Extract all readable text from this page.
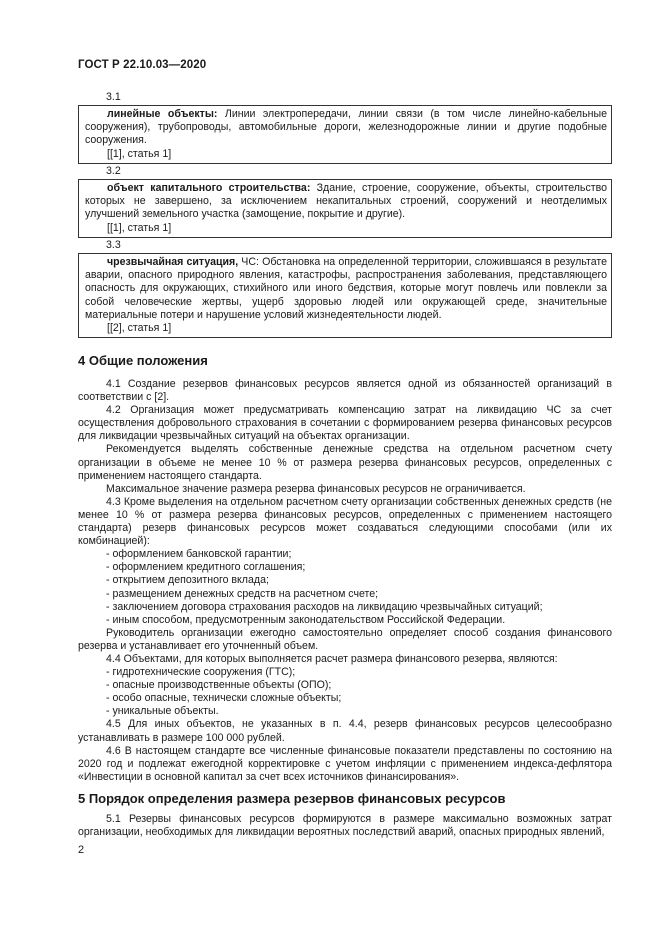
ГОСТ Р 22.10.03—2020
3.1

линейные объекты: Линии электропередачи, линии связи (в том числе линейно-кабельные сооружения), трубопроводы, автомобильные дороги, железнодорожные линии и другие подобные сооружения.

[[1], статья 1]

3.2

объект капитального строительства: Здание, строение, сооружение, объекты, строительство которых не завершено, за исключением некапитальных строений, сооружений и неотделимых улучшений земельного участка (замощение, покрытие и другие).

[[1], статья 1]

3.3

чрезвычайная ситуация, ЧС: Обстановка на определенной территории, сложившаяся в результате аварии, опасного природного явления, катастрофы, распространения заболевания, представляющего опасность для окружающих, стихийного или иного бедствия, которые могут повлечь или повлекли за собой человеческие жертвы, ущерб здоровью людей или окружающей среде, значительные материальные потери и нарушение условий жизнедеятельности людей.

[[2], статья 1]

4 Общие положения

4.1 Создание резервов финансовых ресурсов является одной из обязанностей организаций в соответствии с [2].

4.2 Организация может предусматривать компенсацию затрат на ликвидацию ЧС за счет осуществления добровольного страхования в сочетании с формированием резерва финансовых ресурсов для ликвидации чрезвычайных ситуаций на объектах организации.

Рекомендуется выделять собственные денежные средства на отдельном расчетном счету организации в объеме не менее 10 % от размера резерва финансовых ресурсов, определенных с применением настоящего стандарта.

Максимальное значение размера резерва финансовых ресурсов не ограничивается.

4.3 Кроме выделения на отдельном расчетном счету организации собственных денежных средств (не менее 10 % от размера резерва финансовых ресурсов, определенных с применением настоящего стандарта) резерв финансовых ресурсов может создаваться следующими способами (или их комбинацией):

- оформлением банковской гарантии;

- оформлением кредитного соглашения;

- открытием депозитного вклада;

- размещением денежных средств на расчетном счете;

- заключением договора страхования расходов на ликвидацию чрезвычайных ситуаций;

- иным способом, предусмотренным законодательством Российской Федерации.

Руководитель организации ежегодно самостоятельно определяет способ создания финансового резерва и устанавливает его уточненный объем.

4.4 Объектами, для которых выполняется расчет размера финансового резерва, являются:

- гидротехнические сооружения (ГТС);

- опасные производственные объекты (ОПО);

- особо опасные, технически сложные объекты;

- уникальные объекты.

4.5 Для иных объектов, не указанных в п. 4.4, резерв финансовых ресурсов целесообразно устанавливать в размере 100 000 рублей.

4.6 В настоящем стандарте все численные финансовые показатели представлены по состоянию на 2020 год и подлежат ежегодной корректировке с учетом инфляции с применением индекса-дефлятора «Инвестиции в основной капитал за счет всех источников финансирования».

5 Порядок определения размера резервов финансовых ресурсов

5.1 Резервы финансовых ресурсов формируются в размере максимально возможных затрат организации, необходимых для ликвидации вероятных последствий аварий, опасных природных явлений,

2
